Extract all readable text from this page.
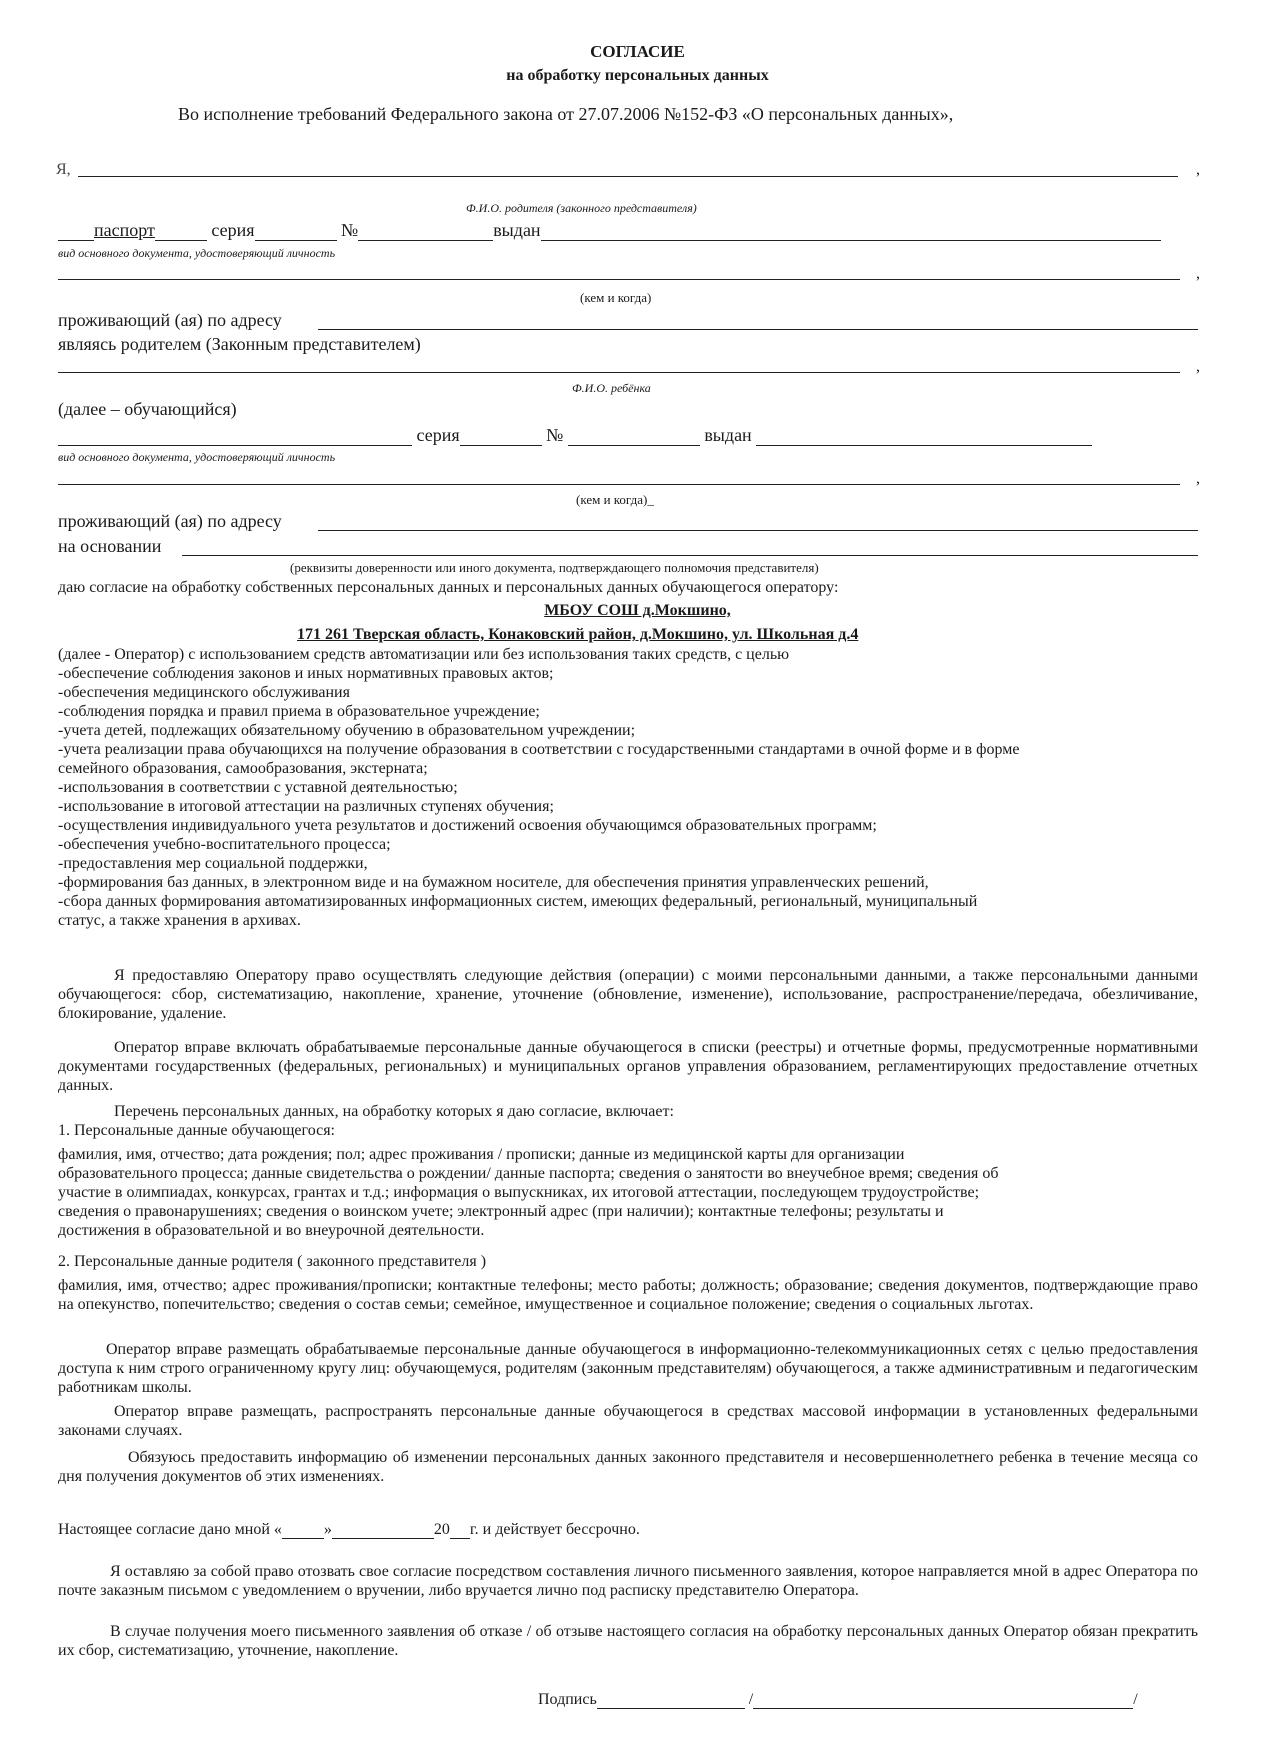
СОГЛАСИЕ
на обработку персональных данных
Во исполнение требований Федерального закона от 27.07.2006 №152-ФЗ «О персональных данных»,
Я,	,
Ф.И.О. родителя (законного представителя)
паспорт	серия	№	выдан
вид основного документа, удостоверяющий личность
,
(кем и когда)
проживающий (ая) по адресу
являясь родителем (Законным представителем)
,
Ф.И.О. ребёнка
(далее – обучающийся)
серия	№	выдан
вид основного документа, удостоверяющий личность
,
(кем и когда)_
проживающий (ая) по адресу
на основании
(реквизиты доверенности или иного документа, подтверждающего полномочия представителя)
даю согласие на обработку собственных персональных данных и персональных данных обучающегося оператору:
МБОУ СОШ д.Мокшино,
171 261 Тверская область, Конаковский район, д.Мокшино, ул. Школьная д.4
(далее - Оператор) с использованием средств автоматизации или без использования таких средств, с целью
-обеспечение соблюдения законов и иных нормативных правовых актов;
-обеспечения медицинского обслуживания
-соблюдения порядка и правил приема в образовательное учреждение;
-учета детей, подлежащих обязательному обучению в образовательном учреждении;
-учета реализации права обучающихся на получение образования в соответствии с государственными стандартами в очной форме и в форме
семейного образования, самообразования, экстерната;
-использования в соответствии с уставной деятельностью;
-использование в итоговой аттестации на различных ступенях обучения;
-осуществления индивидуального учета результатов и достижений освоения обучающимся образовательных программ;
-обеспечения учебно-воспитательного процесса;
-предоставления мер социальной поддержки,
-формирования баз данных, в электронном виде и на бумажном носителе, для обеспечения принятия управленческих решений,
-сбора данных формирования автоматизированных информационных систем, имеющих федеральный, региональный, муниципальный
статус, а также хранения в архивах.
Я предоставляю Оператору право осуществлять следующие действия (операции) с моими персональными данными, а также персональными данными обучающегося: сбор, систематизацию, накопление, хранение, уточнение (обновление, изменение), использование, распространение/передача, обезличивание, блокирование, удаление.
Оператор вправе включать обрабатываемые персональные данные обучающегося в списки (реестры) и отчетные формы, предусмотренные нормативными документами государственных (федеральных, региональных) и муниципальных органов управления образованием, регламентирующих предоставление отчетных данных.
Перечень персональных данных, на обработку которых я даю согласие, включает:
1. Персональные данные обучающегося:
фамилия, имя, отчество; дата рождения; пол; адрес проживания / прописки; данные из медицинской карты для организации
образовательного процесса; данные свидетельства о рождении/ данные паспорта; сведения о занятости во внеучебное время; сведения об
участие в олимпиадах, конкурсах, грантах и т.д.; информация о выпускниках, их итоговой аттестации, последующем трудоустройстве;
сведения о правонарушениях; сведения о воинском учете; электронный адрес (при наличии); контактные телефоны; результаты и
достижения в образовательной и во внеурочной деятельности.
2. Персональные данные родителя ( законного представителя )
фамилия, имя, отчество; адрес проживания/прописки; контактные телефоны; место работы; должность; образование; сведения документов, подтверждающие право на опекунство, попечительство; сведения о состав семьи; семейное, имущественное и социальное положение; сведения о социальных льготах.
Оператор вправе размещать обрабатываемые персональные данные обучающегося в информационно-телекоммуникационных сетях с целью предоставления доступа к ним строго ограниченному кругу лиц: обучающемуся, родителям (законным представителям) обучающегося, а также административным и педагогическим работникам школы.
Оператор вправе размещать, распространять персональные данные обучающегося в средствах массовой информации в установленных федеральными законами случаях.
Обязуюсь предоставить информацию об изменении персональных данных законного представителя и несовершеннолетнего ребенка в течение месяца со дня получения документов об этих изменениях.
Настоящее согласие дано мной «	»	20 г. и действует бессрочно.
Я оставляю за собой право отозвать свое согласие посредством составления личного письменного заявления, которое направляется мной в адрес Оператора по почте заказным письмом с уведомлением о вручении, либо вручается лично под расписку представителю Оператора.
В случае получения моего письменного заявления об отказе / об отзыве настоящего согласия на обработку персональных данных Оператор обязан прекратить их сбор, систематизацию, уточнение, накопление.
Подпись	/	/
